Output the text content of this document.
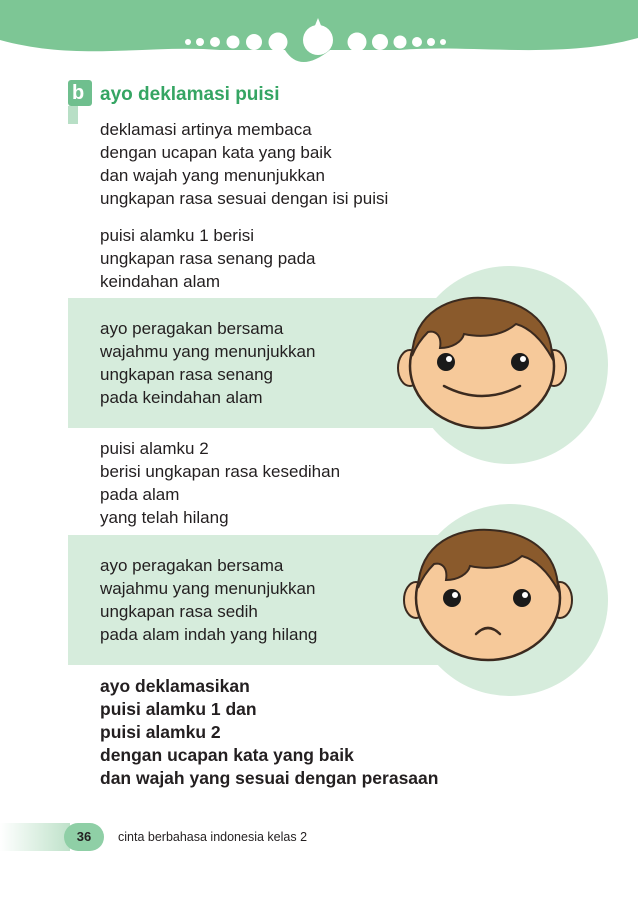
b ayo deklamasi puisi
deklamasi artinya membaca
dengan ucapan kata yang baik
dan wajah yang menunjukkan
ungkapan rasa sesuai dengan isi puisi
puisi alamku 1 berisi
ungkapan rasa senang pada
keindahan alam
ayo peragakan bersama
wajahmu yang menunjukkan
ungkapan rasa senang
pada keindahan alam
puisi alamku 2
berisi ungkapan rasa kesedihan
pada alam
yang telah hilang
ayo peragakan bersama
wajahmu yang menunjukkan
ungkapan rasa sedih
pada alam indah yang hilang
ayo deklamasikan
puisi alamku 1 dan
puisi alamku 2
dengan ucapan kata yang baik
dan wajah yang sesuai dengan perasaan
36	cinta berbahasa indonesia kelas 2
